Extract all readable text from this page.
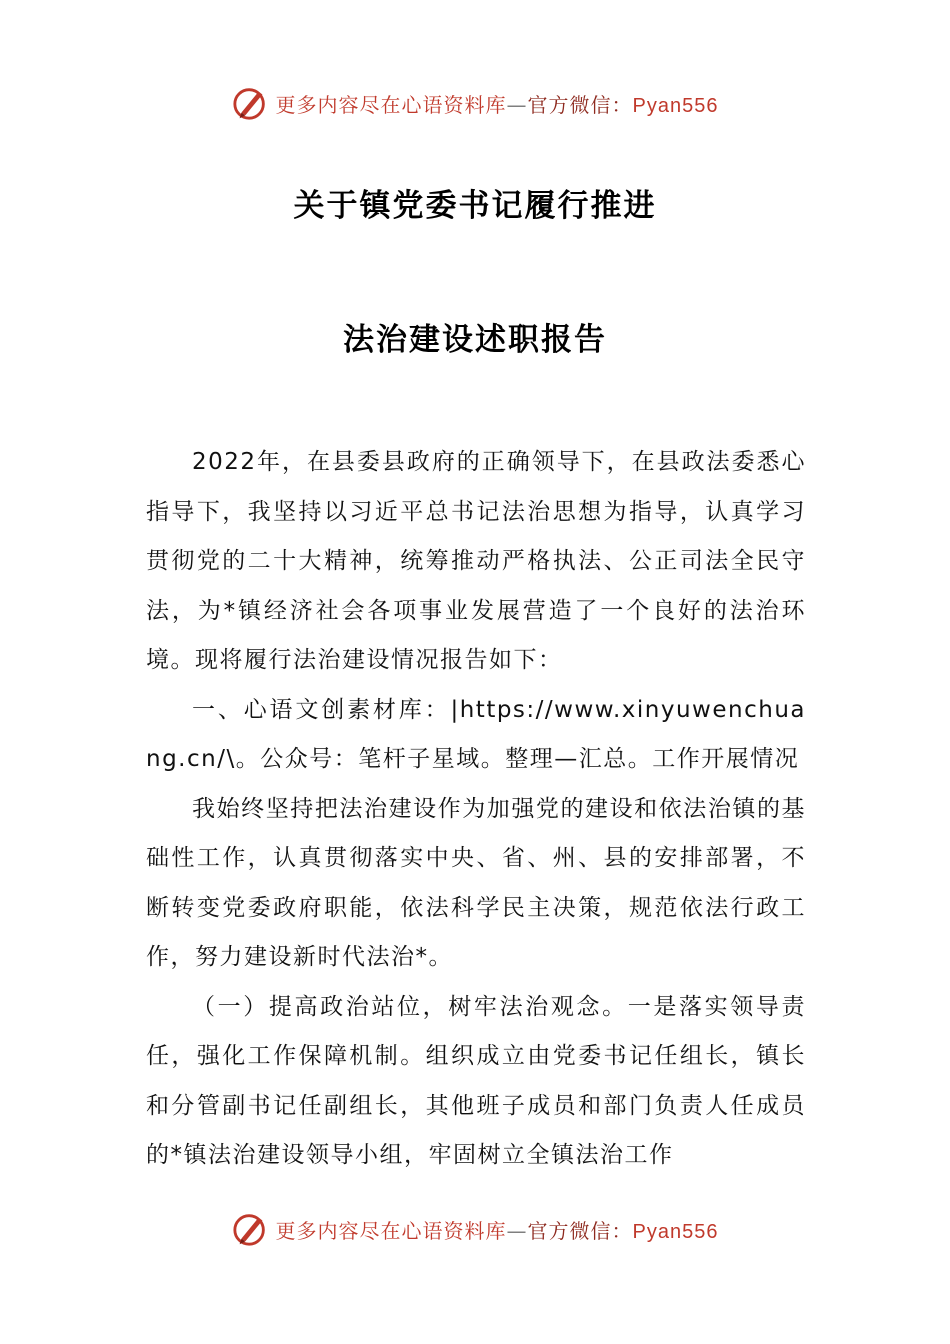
更多内容尽在心语资料库—官方微信：Pyan556
关于镇党委书记履行推进
法治建设述职报告

2022年，在县委县政府的正确领导下，在县政法委悉心指导下，我坚持以习近平总书记法治思想为指导，认真学习贯彻党的二十大精神，统筹推动严格执法、公正司法全民守法，为*镇经济社会各项事业发展营造了一个良好的法治环境。现将履行法治建设情况报告如下：

一、心语文创素材库：|https://www.xinyuwenchuang.cn/\。公众号：笔杆子星域。整理—汇总。工作开展情况

我始终坚持把法治建设作为加强党的建设和依法治镇的基础性工作，认真贯彻落实中央、省、州、县的安排部署，不断转变党委政府职能，依法科学民主决策，规范依法行政工作，努力建设新时代法治*。

（一）提高政治站位，树牢法治观念。一是落实领导责任，强化工作保障机制。组织成立由党委书记任组长，镇长和分管副书记任副组长，其他班子成员和部门负责人任成员的*镇法治建设领导小组，牢固树立全镇法治工作

更多内容尽在心语资料库—官方微信：Pyan556
